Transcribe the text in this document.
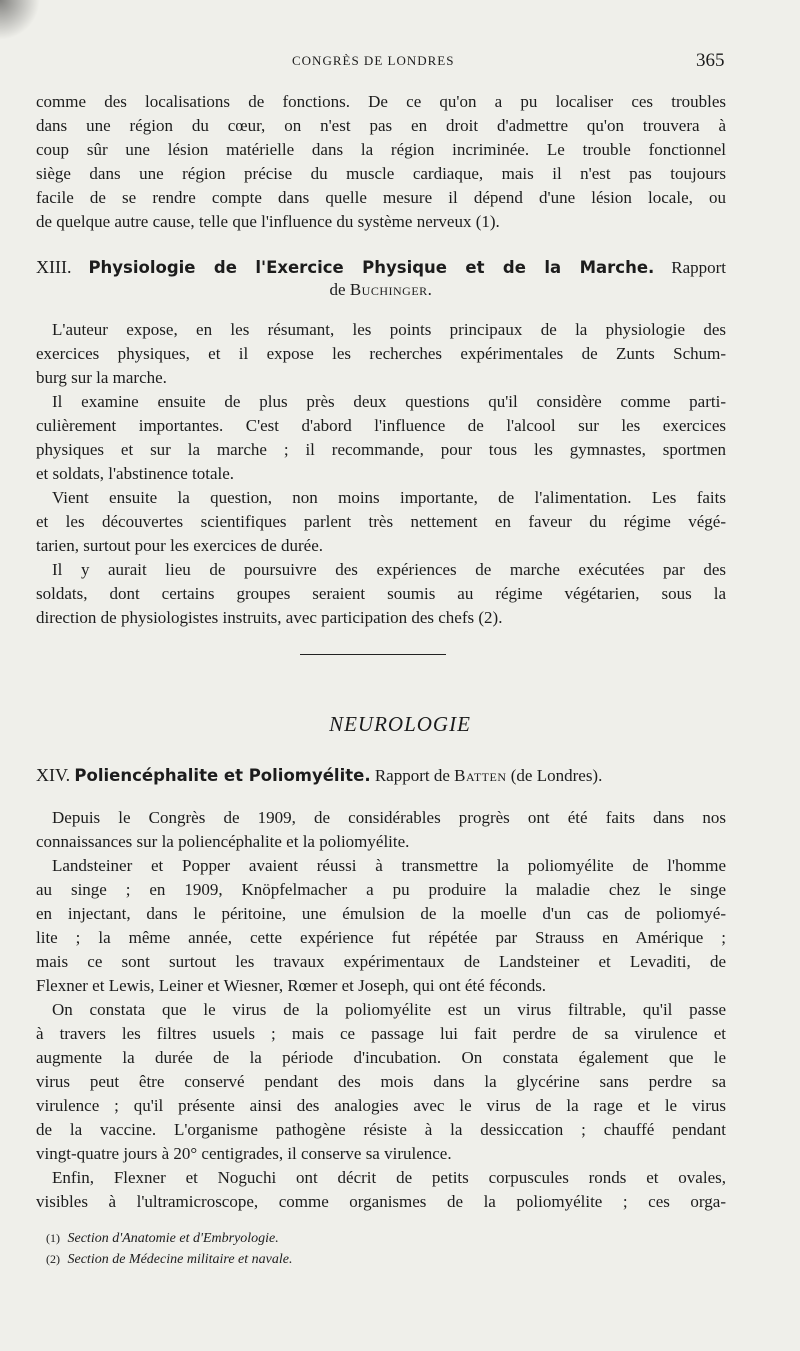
CONGRÈS DE LONDRES	365
comme des localisations de fonctions. De ce qu'on a pu localiser ces troubles
dans une région du cœur, on n'est pas en droit d'admettre qu'on trouvera à
coup sûr une lésion matérielle dans la région incriminée. Le trouble fonctionnel
siège dans une région précise du muscle cardiaque, mais il n'est pas toujours
facile de se rendre compte dans quelle mesure il dépend d'une lésion locale, ou
de quelque autre cause, telle que l'influence du système nerveux (1).
XIII. Physiologie de l'Exercice Physique et de la Marche. Rapport
de Buchinger.
L'auteur expose, en les résumant, les points principaux de la physiologie des
exercices physiques, et il expose les recherches expérimentales de Zunts Schum-
burg sur la marche.
Il examine ensuite de plus près deux questions qu'il considère comme parti-
culièrement importantes. C'est d'abord l'influence de l'alcool sur les exercices
physiques et sur la marche ; il recommande, pour tous les gymnastes, sportmen
et soldats, l'abstinence totale.
Vient ensuite la question, non moins importante, de l'alimentation. Les faits
et les découvertes scientifiques parlent très nettement en faveur du régime végé-
tarien, surtout pour les exercices de durée.
Il y aurait lieu de poursuivre des expériences de marche exécutées par des
soldats, dont certains groupes seraient soumis au régime végétarien, sous la
direction de physiologistes instruits, avec participation des chefs (2).
NEUROLOGIE
XIV. Poliencéphalite et Poliomyélite. Rapport de Batten (de Londres).
Depuis le Congrès de 1909, de considérables progrès ont été faits dans nos
connaissances sur la poliencéphalite et la poliomyélite.
Landsteiner et Popper avaient réussi à transmettre la poliomyélite de l'homme
au singe ; en 1909, Knöpfelmacher a pu produire la maladie chez le singe
en injectant, dans le péritoine, une émulsion de la moelle d'un cas de poliomyé-
lite ; la même année, cette expérience fut répétée par Strauss en Amérique ;
mais ce sont surtout les travaux expérimentaux de Landsteiner et Levaditi, de
Flexner et Lewis, Leiner et Wiesner, Rœmer et Joseph, qui ont été féconds.
On constata que le virus de la poliomyélite est un virus filtrable, qu'il passe
à travers les filtres usuels ; mais ce passage lui fait perdre de sa virulence et
augmente la durée de la période d'incubation. On constata également que le
virus peut être conservé pendant des mois dans la glycérine sans perdre sa
virulence ; qu'il présente ainsi des analogies avec le virus de la rage et le virus
de la vaccine. L'organisme pathogène résiste à la dessiccation ; chauffé pendant
vingt-quatre jours à 20° centigrades, il conserve sa virulence.
Enfin, Flexner et Noguchi ont décrit de petits corpuscules ronds et ovales,
visibles à l'ultramicroscope, comme organismes de la poliomyélite ; ces orga-
(1) Section d'Anatomie et d'Embryologie.
(2) Section de Médecine militaire et navale.
